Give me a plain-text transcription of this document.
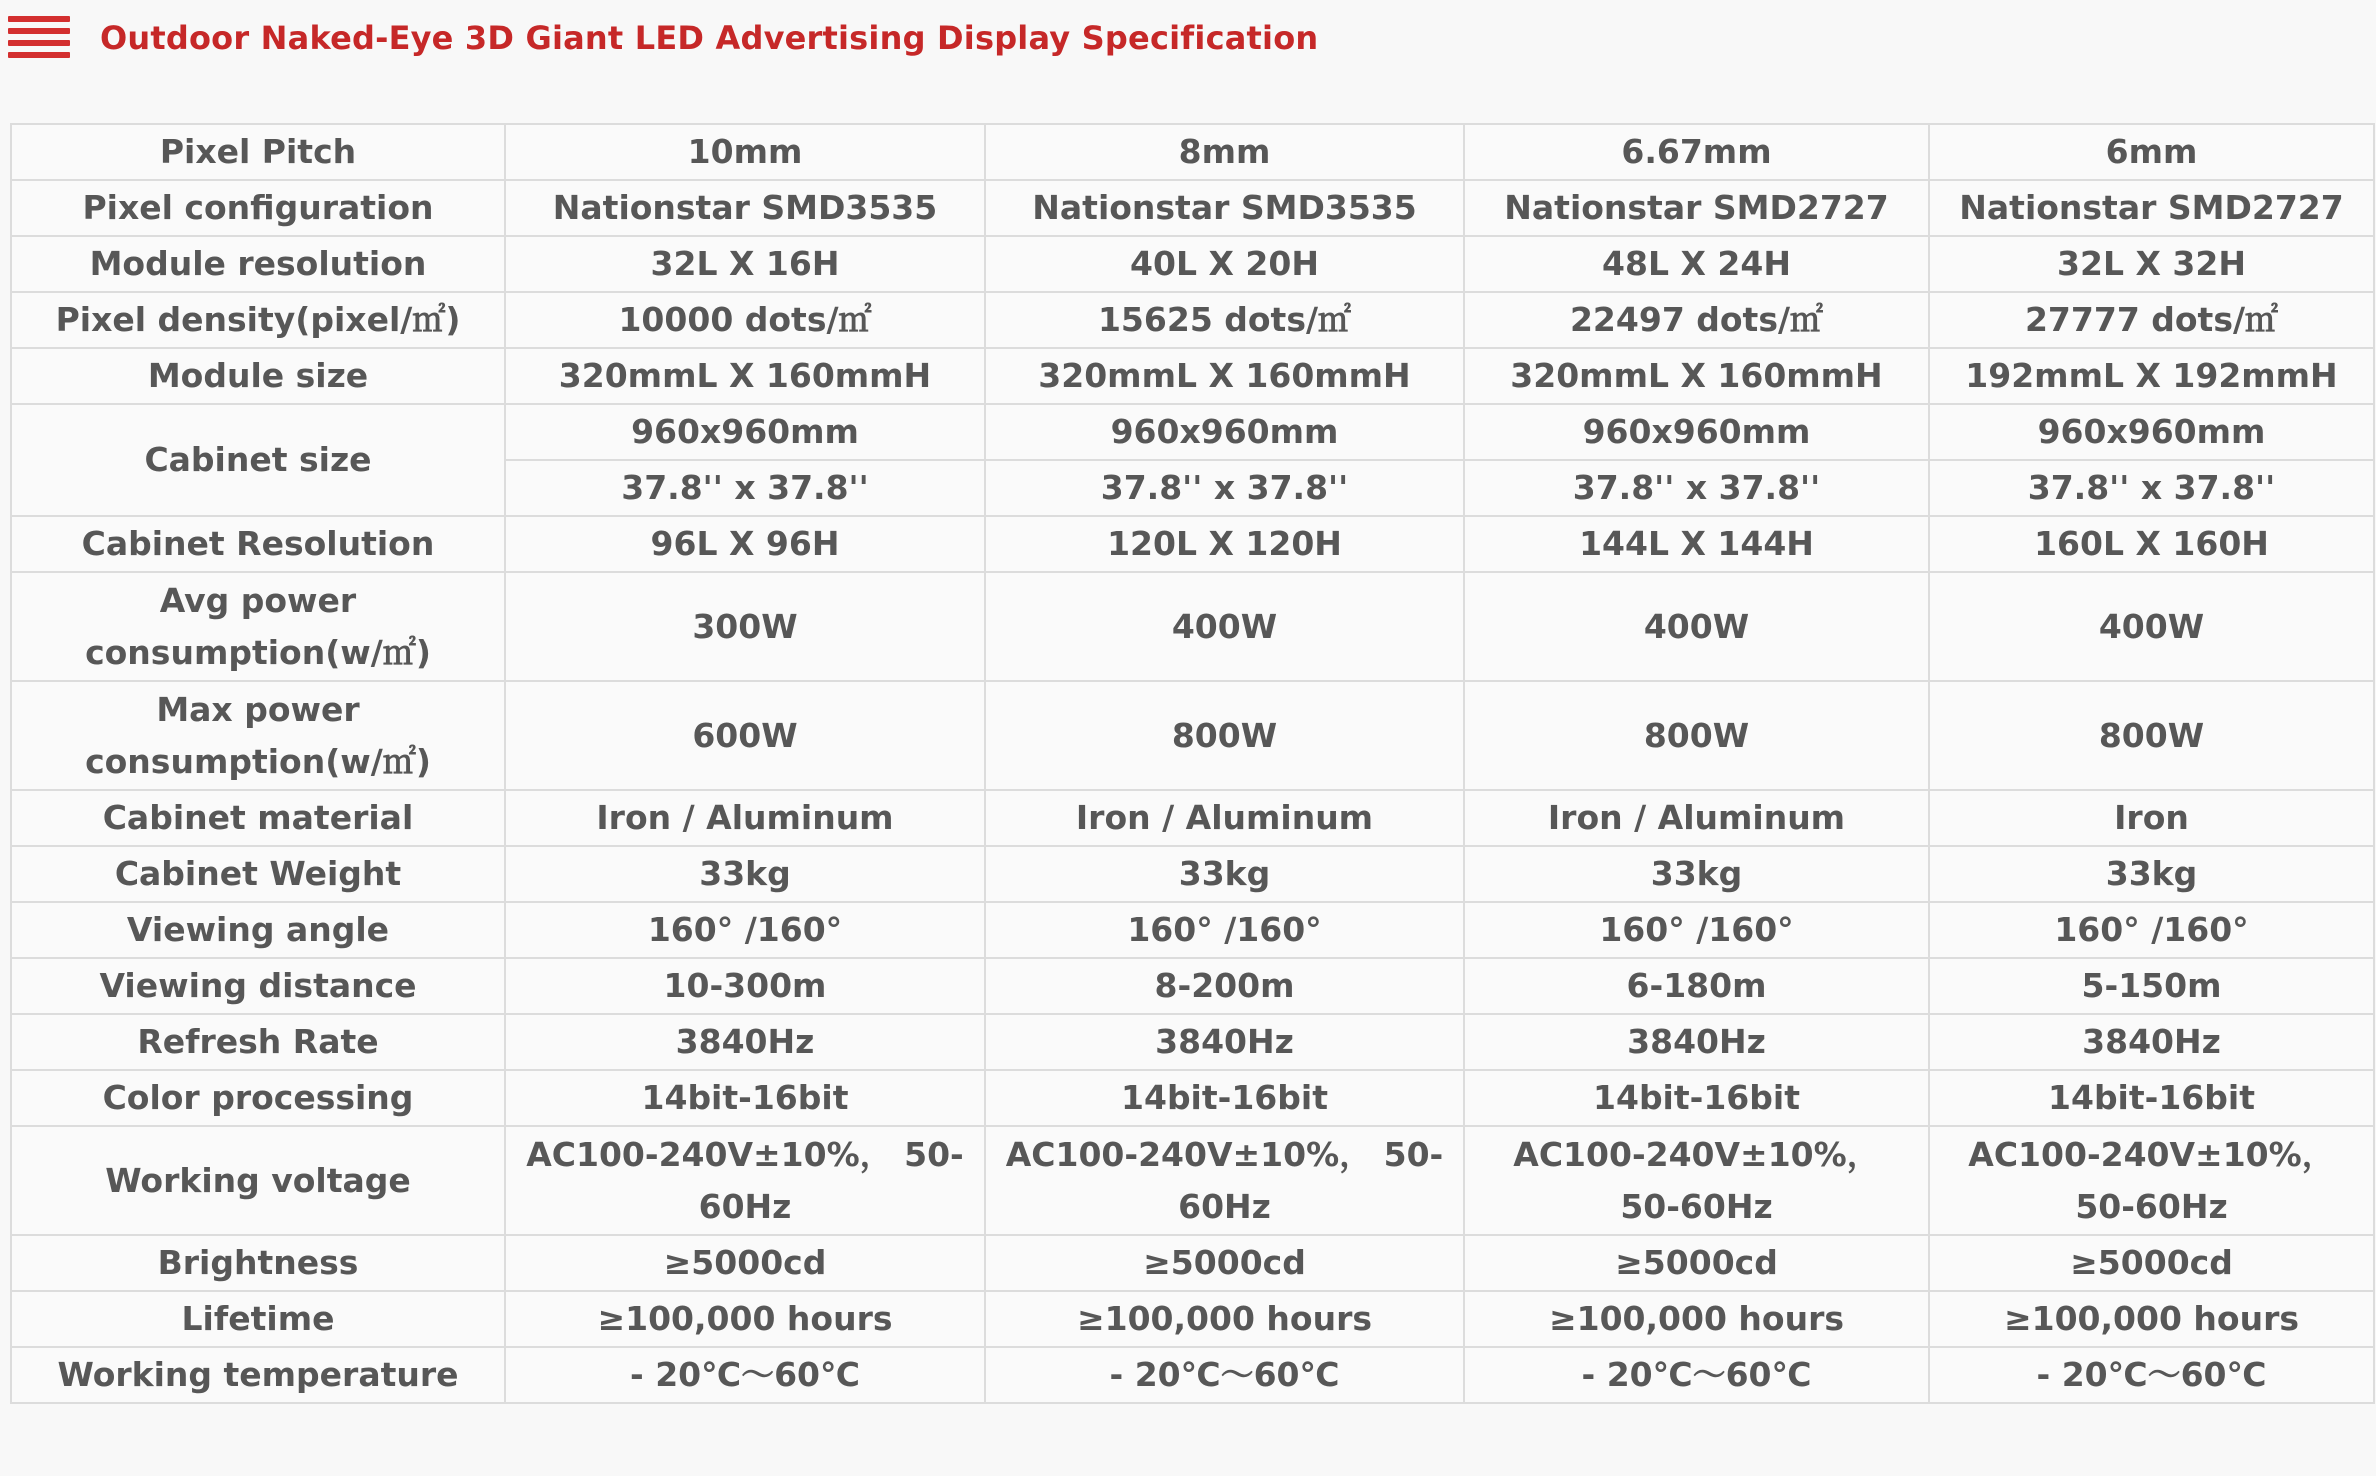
Outdoor Naked-Eye 3D Giant LED Advertising Display Specification
Pixel Pitch	10mm	8mm	6.67mm	6mm
Pixel configuration	Nationstar SMD3535	Nationstar SMD3535	Nationstar SMD2727	Nationstar SMD2727
Module resolution	32L X 16H	40L X 20H	48L X 24H	32L X 32H
Pixel density(pixel/㎡)	10000 dots/㎡	15625 dots/㎡	22497 dots/㎡	27777 dots/㎡
Module size	320mmL X 160mmH	320mmL X 160mmH	320mmL X 160mmH	192mmL X 192mmH
Cabinet size	960x960mm	960x960mm	960x960mm	960x960mm
	37.8'' x 37.8''	37.8'' x 37.8''	37.8'' x 37.8''	37.8'' x 37.8''
Cabinet Resolution	96L X 96H	120L X 120H	144L X 144H	160L X 160H
Avg power consumption(w/㎡)	300W	400W	400W	400W
Max power consumption(w/㎡)	600W	800W	800W	800W
Cabinet material	Iron / Aluminum	Iron / Aluminum	Iron / Aluminum	Iron
Cabinet Weight	33kg	33kg	33kg	33kg
Viewing angle	160° /160°	160° /160°	160° /160°	160° /160°
Viewing distance	10-300m	8-200m	6-180m	5-150m
Refresh Rate	3840Hz	3840Hz	3840Hz	3840Hz
Color processing	14bit-16bit	14bit-16bit	14bit-16bit	14bit-16bit
Working voltage	AC100-240V±10%， 50-60Hz	AC100-240V±10%， 50-60Hz	AC100-240V±10%， 50-60Hz	AC100-240V±10%， 50-60Hz
Brightness	≥5000cd	≥5000cd	≥5000cd	≥5000cd
Lifetime	≥100,000 hours	≥100,000 hours	≥100,000 hours	≥100,000 hours
Working temperature	- 20℃～60℃	- 20℃～60℃	- 20℃～60℃	- 20℃～60℃
